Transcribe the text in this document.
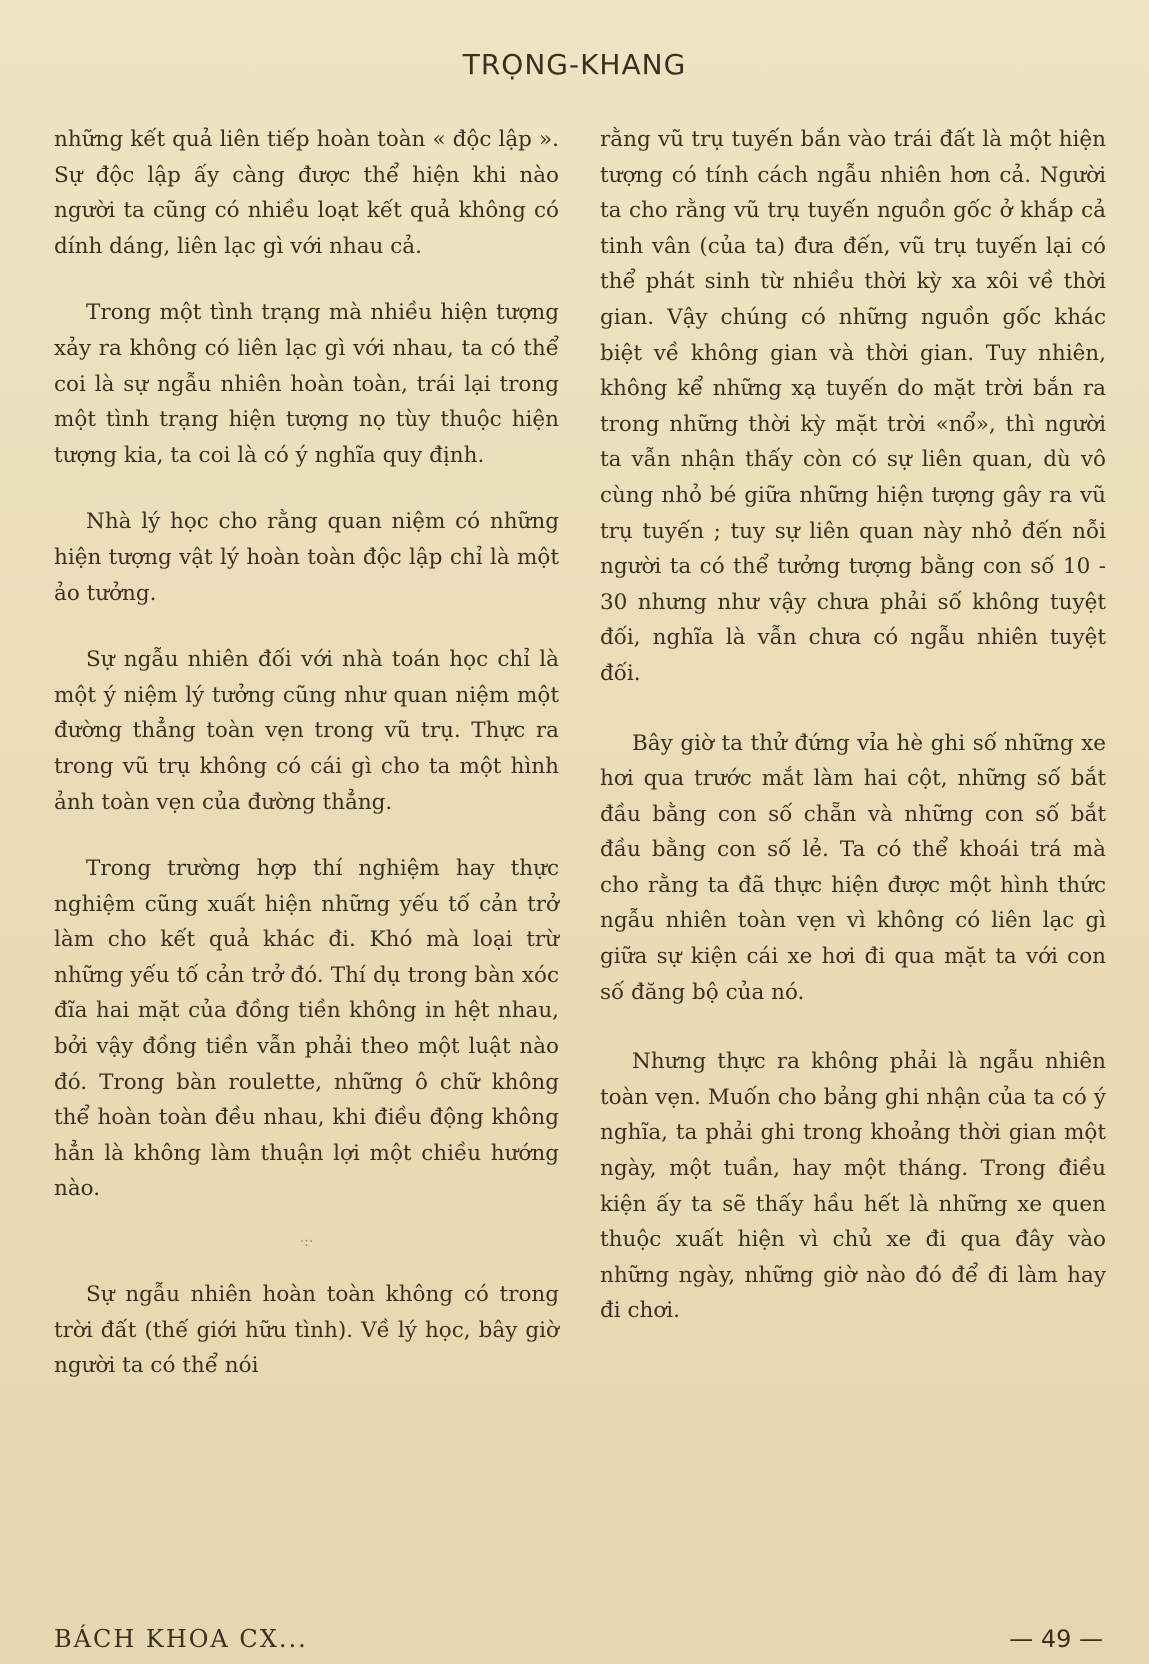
TRỌNG-KHANG

những kết quả liên tiếp hoàn toàn « độc lập ». Sự độc lập ấy càng được thể hiện khi nào người ta cũng có nhiều loạt kết quả không có dính dáng, liên lạc gì với nhau cả.

Trong một tình trạng mà nhiều hiện tượng xảy ra không có liên lạc gì với nhau, ta có thể coi là sự ngẫu nhiên hoàn toàn, trái lại trong một tình trạng hiện tượng nọ tùy thuộc hiện tượng kia, ta coi là có ý nghĩa quy định.

Nhà lý học cho rằng quan niệm có những hiện tượng vật lý hoàn toàn độc lập chỉ là một ảo tưởng.

Sự ngẫu nhiên đối với nhà toán học chỉ là một ý niệm lý tưởng cũng như quan niệm một đường thẳng toàn vẹn trong vũ trụ. Thực ra trong vũ trụ không có cái gì cho ta một hình ảnh toàn vẹn của đường thẳng.

Trong trường hợp thí nghiệm hay thực nghiệm cũng xuất hiện những yếu tố cản trở làm cho kết quả khác đi. Khó mà loại trừ những yếu tố cản trở đó. Thí dụ trong bàn xóc đĩa hai mặt của đồng tiền không in hệt nhau, bởi vậy đồng tiền vẫn phải theo một luật nào đó. Trong bàn roulette, những ô chữ không thể hoàn toàn đều nhau, khi điều động không hẳn là không làm thuận lợi một chiều hướng nào.

·:·

Sự ngẫu nhiên hoàn toàn không có trong trời đất (thế giới hữu tình). Về lý học, bây giờ người ta có thể nói

rằng vũ trụ tuyến bắn vào trái đất là một hiện tượng có tính cách ngẫu nhiên hơn cả. Người ta cho rằng vũ trụ tuyến nguồn gốc ở khắp cả tinh vân (của ta) đưa đến, vũ trụ tuyến lại có thể phát sinh từ nhiều thời kỳ xa xôi về thời gian. Vậy chúng có những nguồn gốc khác biệt về không gian và thời gian. Tuy nhiên, không kể những xạ tuyến do mặt trời bắn ra trong những thời kỳ mặt trời «nổ», thì người ta vẫn nhận thấy còn có sự liên quan, dù vô cùng nhỏ bé giữa những hiện tượng gây ra vũ trụ tuyến ; tuy sự liên quan này nhỏ đến nỗi người ta có thể tưởng tượng bằng con số 10 - 30 nhưng như vậy chưa phải số không tuyệt đối, nghĩa là vẫn chưa có ngẫu nhiên tuyệt đối.

Bây giờ ta thử đứng vỉa hè ghi số những xe hơi qua trước mắt làm hai cột, những số bắt đầu bằng con số chẵn và những con số bắt đầu bằng con số lẻ. Ta có thể khoái trá mà cho rằng ta đã thực hiện được một hình thức ngẫu nhiên toàn vẹn vì không có liên lạc gì giữa sự kiện cái xe hơi đi qua mặt ta với con số đăng bộ của nó.

Nhưng thực ra không phải là ngẫu nhiên toàn vẹn. Muốn cho bảng ghi nhận của ta có ý nghĩa, ta phải ghi trong khoảng thời gian một ngày, một tuần, hay một tháng. Trong điều kiện ấy ta sẽ thấy hầu hết là những xe quen thuộc xuất hiện vì chủ xe đi qua đây vào những ngày, những giờ nào đó để đi làm hay đi chơi.

BÁCH KHOA CX...	— 49 —
